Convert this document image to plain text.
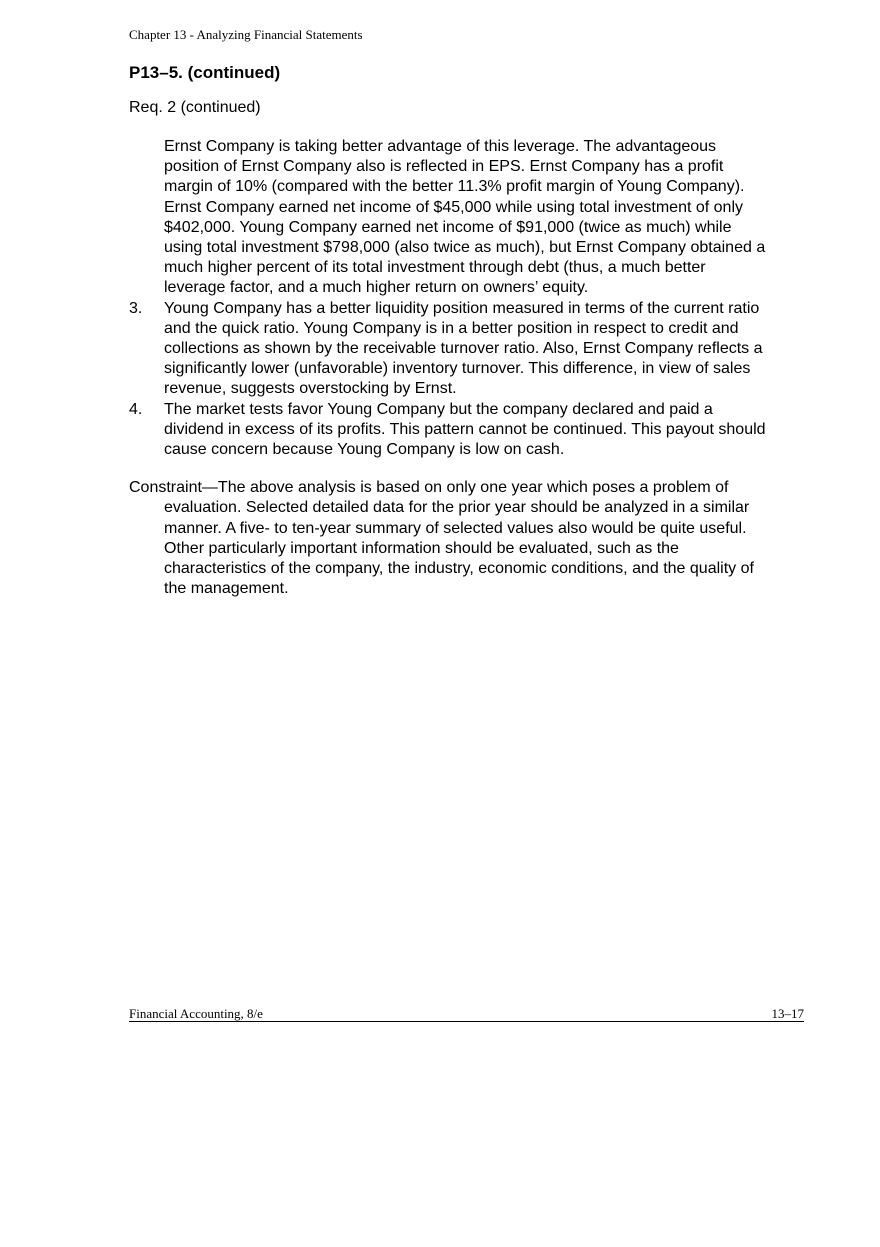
Chapter 13 - Analyzing Financial Statements
P13–5. (continued)
Req. 2 (continued)

Ernst Company is taking better advantage of this leverage. The advantageous position of Ernst Company also is reflected in EPS. Ernst Company has a profit margin of 10% (compared with the better 11.3% profit margin of Young Company). Ernst Company earned net income of $45,000 while using total investment of only $402,000. Young Company earned net income of $91,000 (twice as much) while using total investment $798,000 (also twice as much), but Ernst Company obtained a much higher percent of its total investment through debt (thus, a much better leverage factor, and a much higher return on owners’ equity.

3.	Young Company has a better liquidity position measured in terms of the current ratio and the quick ratio. Young Company is in a better position in respect to credit and collections as shown by the receivable turnover ratio. Also, Ernst Company reflects a significantly lower (unfavorable) inventory turnover. This difference, in view of sales revenue, suggests overstocking by Ernst.
4.	The market tests favor Young Company but the company declared and paid a dividend in excess of its profits. This pattern cannot be continued. This payout should cause concern because Young Company is low on cash.

Constraint—The above analysis is based on only one year which poses a problem of evaluation. Selected detailed data for the prior year should be analyzed in a similar manner. A five- to ten-year summary of selected values also would be quite useful. Other particularly important information should be evaluated, such as the characteristics of the company, the industry, economic conditions, and the quality of the management.

Financial Accounting, 8/e	13–17
